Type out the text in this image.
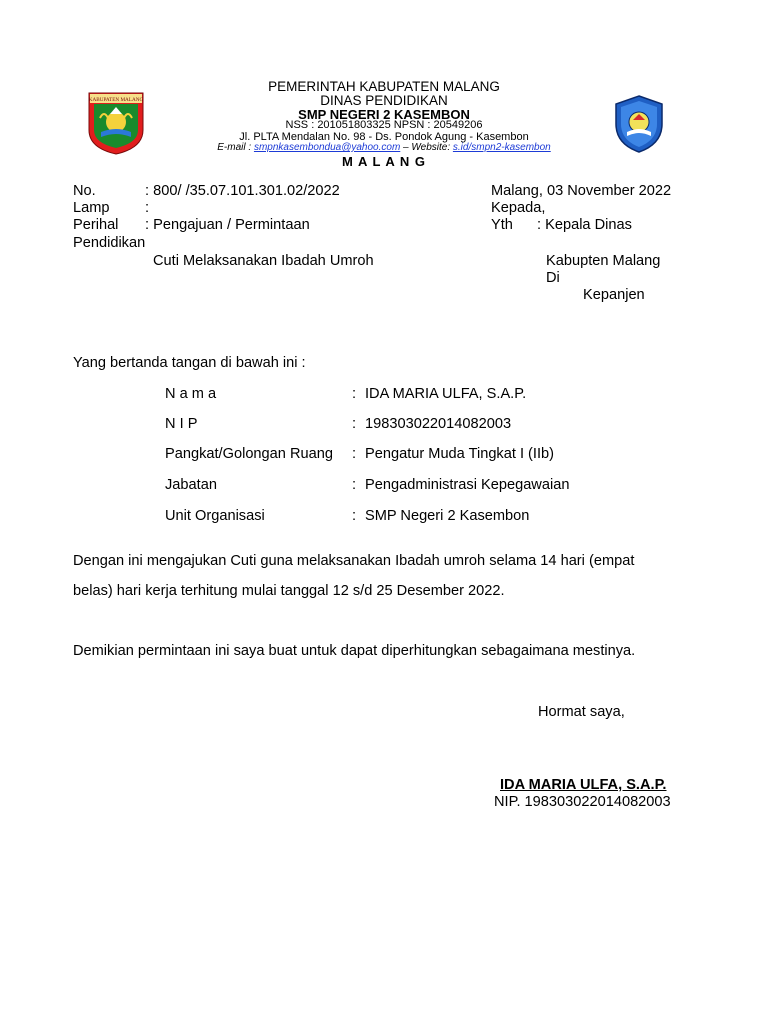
KABUPATEN MALANG
PEMERINTAH KABUPATEN MALANG
DINAS PENDIDIKAN
SMP NEGERI 2 KASEMBON
NSS : 201051803325 NPSN : 20549206
Jl. PLTA Mendalan No. 98 - Ds. Pondok Agung - Kasembon
E-mail : smpnkasembondua@yahoo.com – Website: s.id/smpn2-kasembon
M A L A N G
No.	: 800/ /35.07.101.301.02/2022
Lamp :
Perihal : Pengajuan / Permintaan
Pendidikan
Cuti Melaksanakan Ibadah Umroh
Malang, 03 November 2022
Kepada,
Yth : Kepala Dinas
Kabupten Malang
Di
Kepanjen
Yang bertanda tangan di bawah ini :
N a m a	: IDA MARIA ULFA, S.A.P.
N I P	: 198303022014082003
Pangkat/Golongan Ruang : Pengatur Muda Tingkat I (IIb)
Jabatan	: Pengadministrasi Kepegawaian
Unit Organisasi	: SMP Negeri 2 Kasembon
Dengan ini mengajukan Cuti guna melaksanakan Ibadah umroh selama 14 hari (empat
belas) hari kerja terhitung mulai tanggal 12 s/d 25 Desember 2022.
Demikian permintaan ini saya buat untuk dapat diperhitungkan sebagaimana mestinya.
Hormat saya,
IDA MARIA ULFA, S.A.P.
NIP. 198303022014082003
